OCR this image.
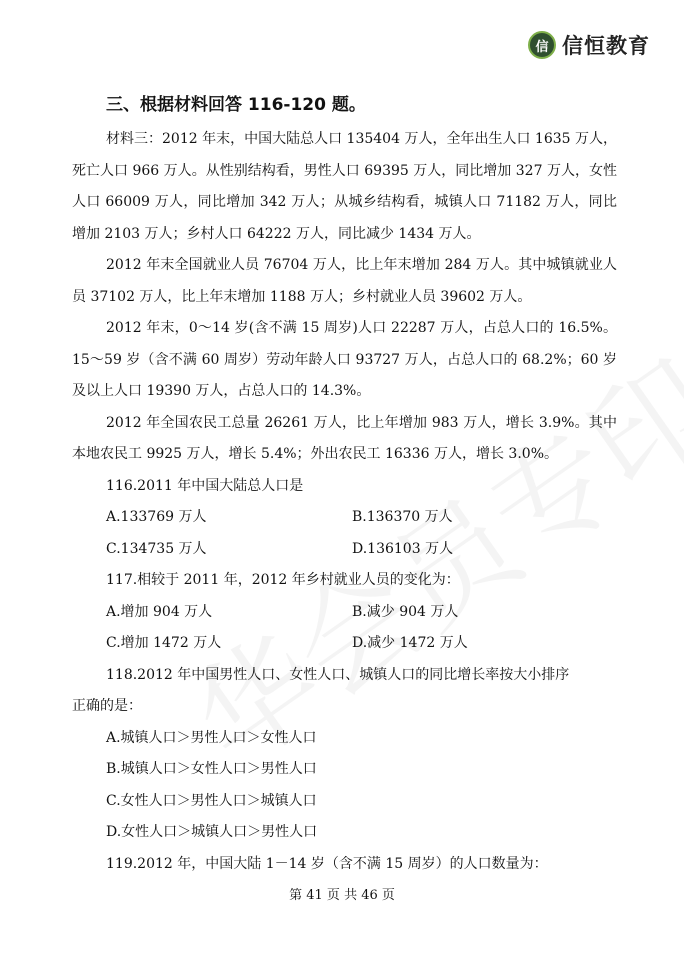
信 信恒教育
三、根据材料回答 116-120 题。

材料三：2012 年末，中国大陆总人口 135404 万人，全年出生人口 1635 万人，死亡人口 966 万人。从性别结构看，男性人口 69395 万人，同比增加 327 万人，女性人口 66009 万人，同比增加 342 万人；从城乡结构看，城镇人口 71182 万人，同比增加 2103 万人；乡村人口 64222 万人，同比减少 1434 万人。

2012 年末全国就业人员 76704 万人，比上年末增加 284 万人。其中城镇就业人员 37102 万人，比上年末增加 1188 万人；乡村就业人员 39602 万人。

2012 年末，0～14 岁(含不满 15 周岁)人口 22287 万人，占总人口的 16.5%。15～59 岁（含不满 60 周岁）劳动年龄人口 93727 万人，占总人口的 68.2%；60 岁及以上人口 19390 万人，占总人口的 14.3%。

2012 年全国农民工总量 26261 万人，比上年增加 983 万人，增长 3.9%。其中本地农民工 9925 万人，增长 5.4%；外出农民工 16336 万人，增长 3.0%。

116.2011 年中国大陆总人口是
A.133769 万人	B.136370 万人
C.134735 万人	D.136103 万人
117.相较于 2011 年，2012 年乡村就业人员的变化为：
A.增加 904 万人	B.减少 904 万人
C.增加 1472 万人	D.减少 1472 万人
118.2012 年中国男性人口、女性人口、城镇人口的同比增长率按大小排序
正确的是：
A.城镇人口＞男性人口＞女性人口
B.城镇人口＞女性人口＞男性人口
C.女性人口＞男性人口＞城镇人口
D.女性人口＞城镇人口＞男性人口
119.2012 年，中国大陆 1－14 岁（含不满 15 周岁）的人口数量为：
第 41 页 共 46 页
